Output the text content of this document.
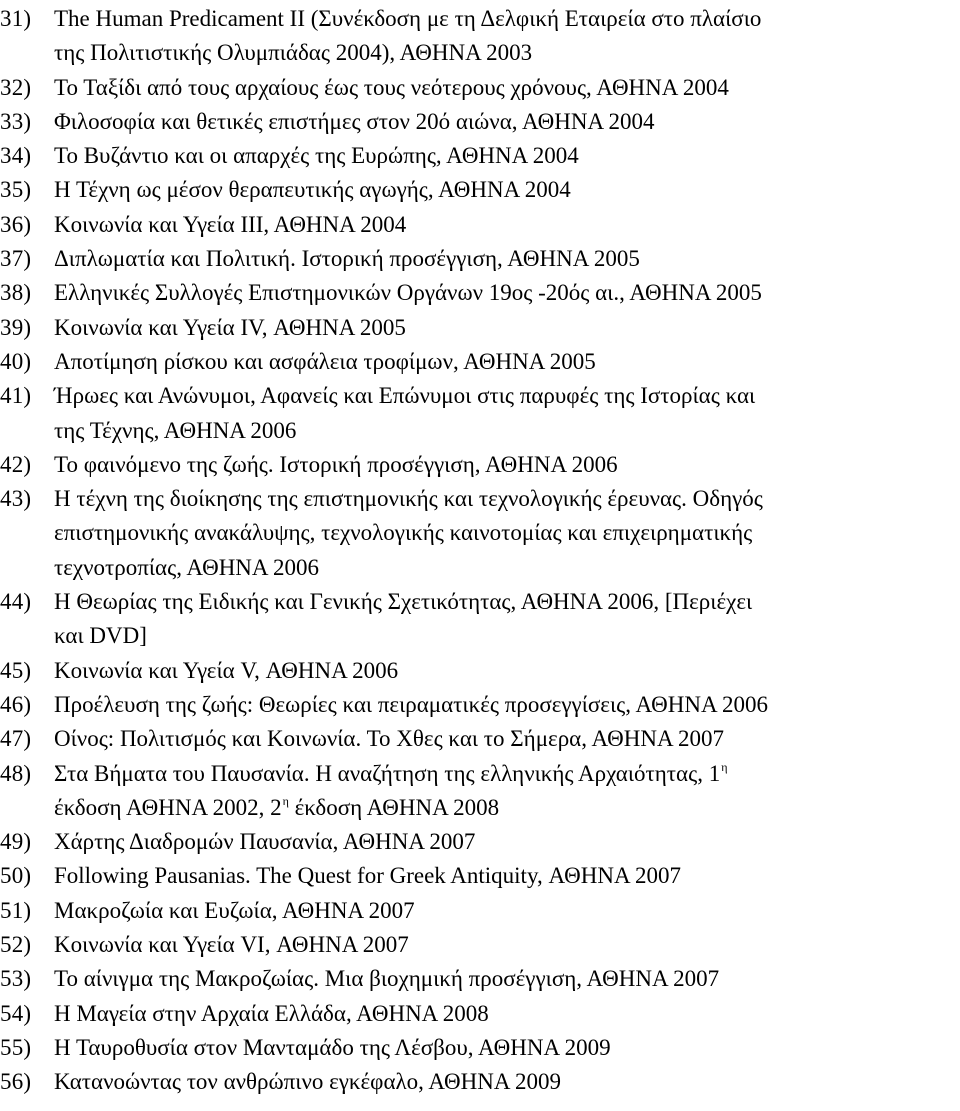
31) The Human Predicament II (Συνέκδοση με τη Δελφική Εταιρεία στο πλαίσιο
της Πολιτιστικής Ολυμπιάδας 2004), ΑΘΗΝΑ 2003
32) Το Ταξίδι από τους αρχαίους έως τους νεότερους χρόνους, ΑΘΗΝΑ 2004
33) Φιλοσοφία και θετικές επιστήμες στον 20ό αιώνα, ΑΘΗΝΑ 2004
34) Το Βυζάντιο και οι απαρχές της Ευρώπης, ΑΘΗΝΑ 2004
35) Η Τέχνη ως μέσον θεραπευτικής αγωγής, ΑΘΗΝΑ 2004
36) Κοινωνία και Υγεία ΙΙΙ, ΑΘΗΝΑ 2004
37) Διπλωματία και Πολιτική. Ιστορική προσέγγιση, ΑΘΗΝΑ 2005
38) Ελληνικές Συλλογές Επιστημονικών Οργάνων 19ος -20ός αι., ΑΘΗΝΑ 2005
39) Κοινωνία και Υγεία IV, ΑΘΗΝΑ 2005
40) Αποτίμηση ρίσκου και ασφάλεια τροφίμων, ΑΘΗΝΑ 2005
41) Ήρωες και Ανώνυμοι, Αφανείς και Επώνυμοι στις παρυφές της Ιστορίας και
της Τέχνης, ΑΘΗΝΑ 2006
42) Το φαινόμενο της ζωής. Ιστορική προσέγγιση, ΑΘΗΝΑ 2006
43) Η τέχνη της διοίκησης της επιστημονικής και τεχνολογικής έρευνας. Οδηγός
επιστημονικής ανακάλυψης, τεχνολογικής καινοτομίας και επιχειρηματικής
τεχνοτροπίας, ΑΘΗΝΑ 2006
44) Η Θεωρίας της Ειδικής και Γενικής Σχετικότητας, ΑΘΗΝΑ 2006, [Περιέχει
και DVD]
45) Κοινωνία και Υγεία V, ΑΘΗΝΑ 2006
46) Προέλευση της ζωής: Θεωρίες και πειραματικές προσεγγίσεις, ΑΘΗΝΑ 2006
47) Οίνος: Πολιτισμός και Κοινωνία. Το Χθες και το Σήμερα, ΑΘΗΝΑ 2007
48) Στα Βήματα του Παυσανία. Η αναζήτηση της ελληνικής Αρχαιότητας, $1^\eta$
έκδοση ΑΘΗΝΑ 2002, $2^\eta$ έκδοση ΑΘΗΝΑ 2008
49) Χάρτης Διαδρομών Παυσανία, ΑΘΗΝΑ 2007
50) Following Pausanias. The Quest for Greek Antiquity, ΑΘΗΝΑ 2007
51) Μακροζωία και Ευζωία, ΑΘΗΝΑ 2007
52) Κοινωνία και Υγεία VI, ΑΘΗΝΑ 2007
53) Το αίνιγμα της Μακροζωίας. Μια βιοχημική προσέγγιση, ΑΘΗΝΑ 2007
54) Η Μαγεία στην Αρχαία Ελλάδα, ΑΘΗΝΑ 2008
55) Η Ταυροθυσία στον Μανταμάδο της Λέσβου, ΑΘΗΝΑ 2009
56) Κατανοώντας τον ανθρώπινο εγκέφαλο, ΑΘΗΝΑ 2009
